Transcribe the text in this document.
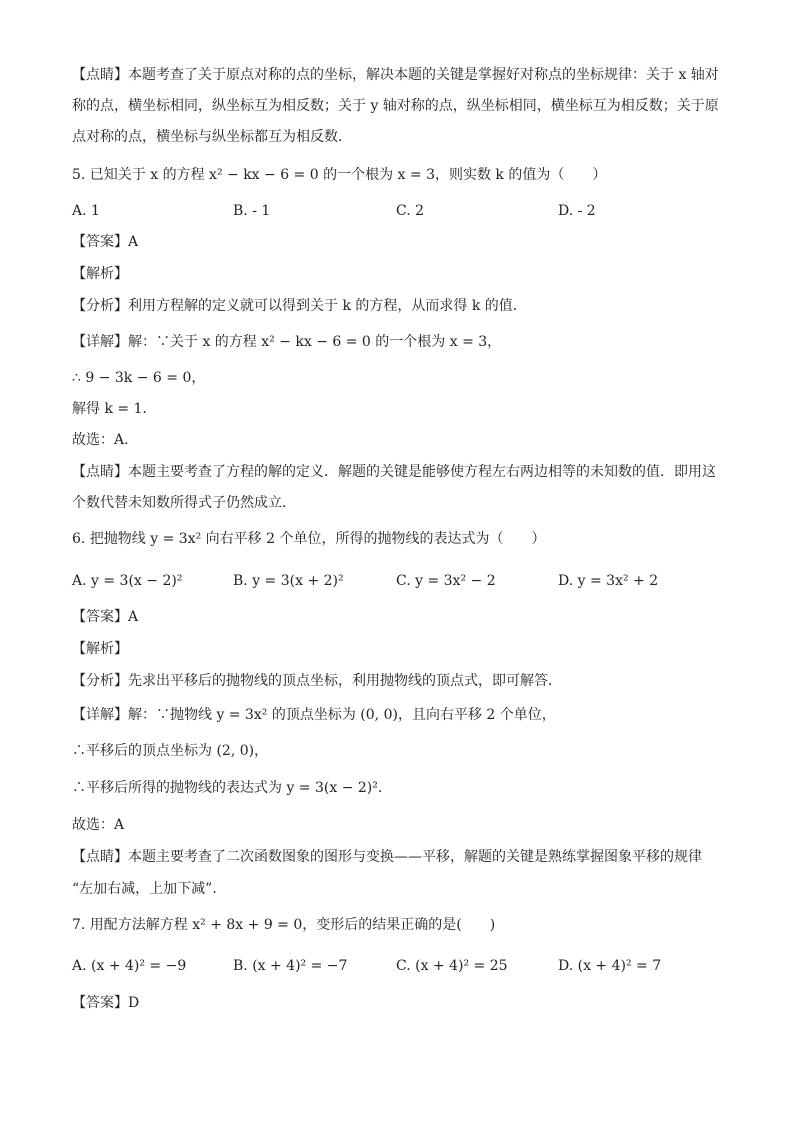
【点睛】本题考查了关于原点对称的点的坐标，解决本题的关键是掌握好对称点的坐标规律：关于 x 轴对
称的点，横坐标相同，纵坐标互为相反数；关于 y 轴对称的点，纵坐标相同，横坐标互为相反数；关于原
点对称的点，横坐标与纵坐标都互为相反数．
5. 已知关于 x 的方程 x² − kx − 6 = 0 的一个根为 x = 3，则实数 k 的值为（　　）
A. 1	B. - 1	C. 2	D. - 2
【答案】A
【解析】
【分析】利用方程解的定义就可以得到关于 k 的方程，从而求得 k 的值．
【详解】解：∵关于 x 的方程 x² − kx − 6 = 0 的一个根为 x = 3，
∴ 9 − 3k − 6 = 0，
解得 k = 1．
故选：A．
【点睛】本题主要考查了方程的解的定义．解题的关键是能够使方程左右两边相等的未知数的值．即用这
个数代替未知数所得式子仍然成立．
6. 把抛物线 y = 3x² 向右平移 2 个单位，所得的抛物线的表达式为（　　）
A. y = 3(x − 2)²	B. y = 3(x + 2)²	C. y = 3x² − 2	D. y = 3x² + 2
【答案】A
【解析】
【分析】先求出平移后的抛物线的顶点坐标，利用抛物线的顶点式，即可解答．
【详解】解：∵抛物线 y = 3x² 的顶点坐标为 (0, 0)，且向右平移 2 个单位，
∴平移后的顶点坐标为 (2, 0)，
∴平移后所得的抛物线的表达式为 y = 3(x − 2)²．
故选：A
【点睛】本题主要考查了二次函数图象的图形与变换——平移，解题的关键是熟练掌握图象平移的规律
“左加右减，上加下减”．
7. 用配方法解方程 x² + 8x + 9 = 0，变形后的结果正确的是(　　)
A. (x + 4)² = −9	B. (x + 4)² = −7	C. (x + 4)² = 25	D. (x + 4)² = 7
【答案】D
